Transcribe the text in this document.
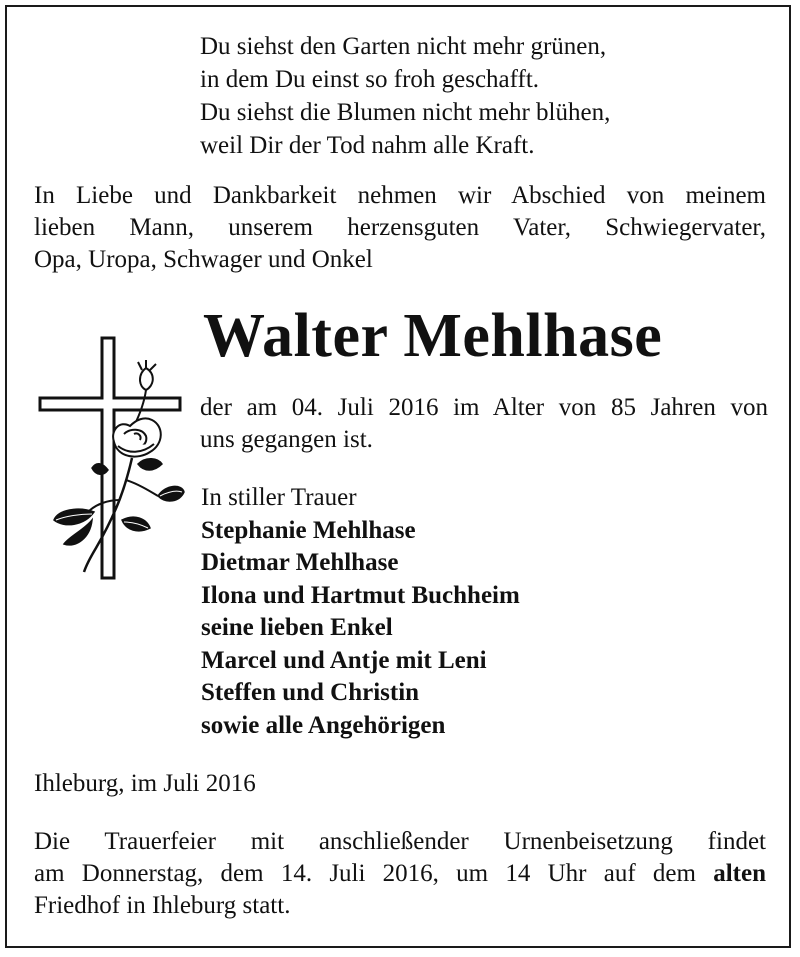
Du siehst den Garten nicht mehr grünen,
in dem Du einst so froh geschafft.
Du siehst die Blumen nicht mehr blühen,
weil Dir der Tod nahm alle Kraft.
In Liebe und Dankbarkeit nehmen wir Abschied von meinem
lieben Mann, unserem herzensguten Vater, Schwiegervater,
Opa, Uropa, Schwager und Onkel
Walter Mehlhase
der am 04. Juli 2016 im Alter von 85 Jahren von
uns gegangen ist.
In stiller Trauer
Stephanie Mehlhase
Dietmar Mehlhase
Ilona und Hartmut Buchheim
seine lieben Enkel
Marcel und Antje mit Leni
Steffen und Christin
sowie alle Angehörigen
Ihleburg, im Juli 2016
Die Trauerfeier mit anschließender Urnenbeisetzung findet
am Donnerstag, dem 14. Juli 2016, um 14 Uhr auf dem alten
Friedhof in Ihleburg statt.
